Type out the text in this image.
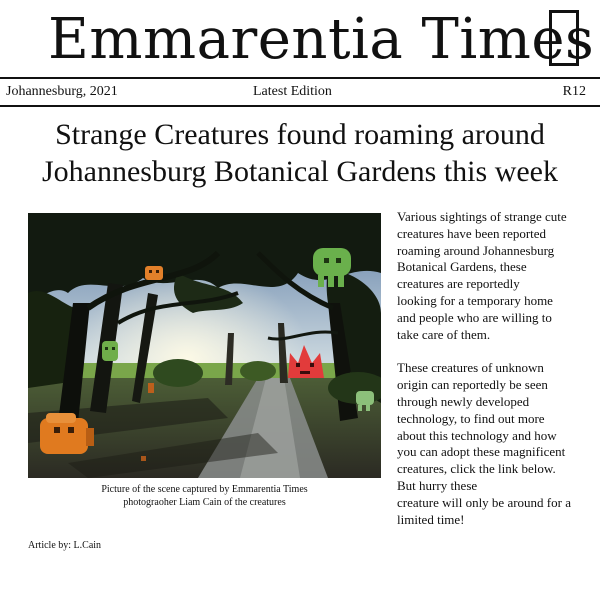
Emmarentia Times
Johannesburg, 2021	Latest Edition	R12
Strange Creatures found roaming around
Johannesburg Botanical Gardens this week
Picture of the scene captured by Emmarentia Times
photograoher Liam Cain of the creatures
Article by: L.Cain

Various sightings of strange cute
creatures have been reported
roaming around Johannesburg
Botanical Gardens, these
creatures are reportedly
looking for a temporary home
and people who are willing to
take care of them.

These creatures of unknown
origin can reportedly be seen
through newly developed
technology, to find out more
about this technology and how
you can adopt these magnificent
creatures, click the link below.
But hurry these
creature will only be around for a
limited time!
